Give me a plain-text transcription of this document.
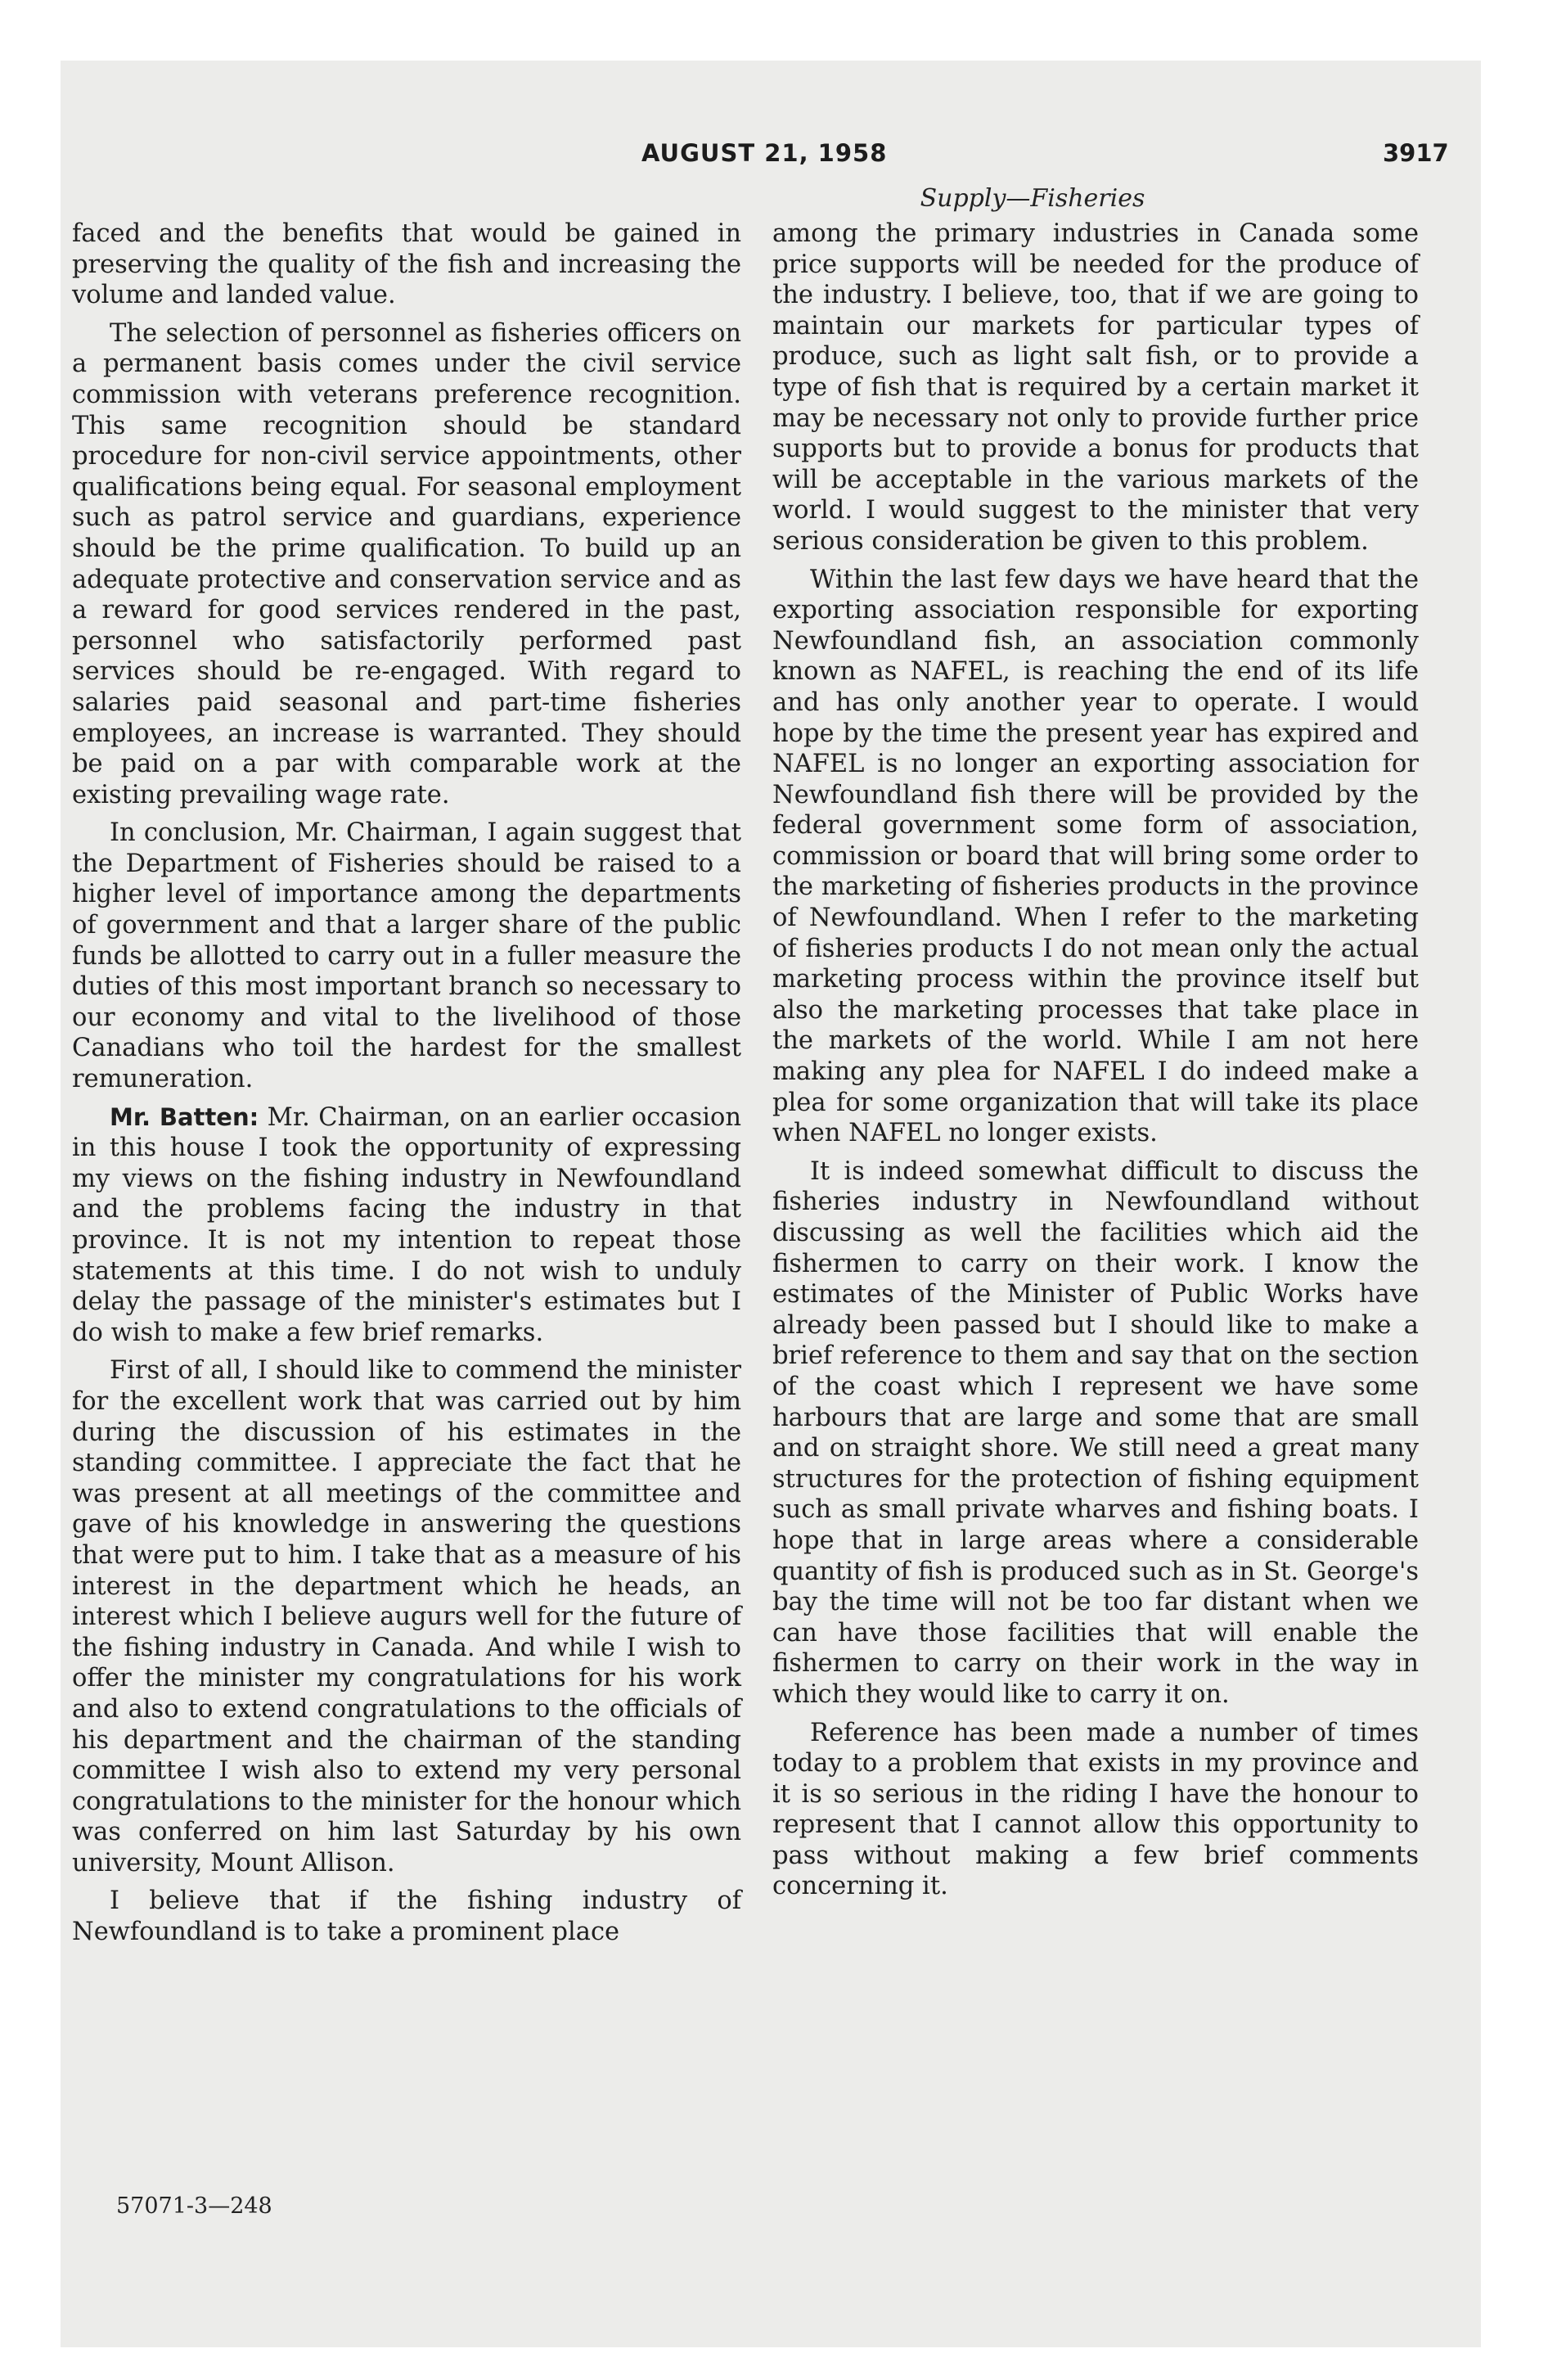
AUGUST 21, 1958	3917
Supply—Fisheries

faced and the benefits that would be gained in preserving the quality of the fish and increasing the volume and landed value.

The selection of personnel as fisheries officers on a permanent basis comes under the civil service commission with veterans preference recognition. This same recognition should be standard procedure for non-civil service appointments, other qualifications being equal. For seasonal employment such as patrol service and guardians, experience should be the prime qualification. To build up an adequate protective and conservation service and as a reward for good services rendered in the past, personnel who satisfactorily performed past services should be re-engaged. With regard to salaries paid seasonal and part-time fisheries employees, an increase is warranted. They should be paid on a par with comparable work at the existing prevailing wage rate.

In conclusion, Mr. Chairman, I again suggest that the Department of Fisheries should be raised to a higher level of importance among the departments of government and that a larger share of the public funds be allotted to carry out in a fuller measure the duties of this most important branch so necessary to our economy and vital to the livelihood of those Canadians who toil the hardest for the smallest remuneration.

Mr. Batten: Mr. Chairman, on an earlier occasion in this house I took the opportunity of expressing my views on the fishing industry in Newfoundland and the problems facing the industry in that province. It is not my intention to repeat those statements at this time. I do not wish to unduly delay the passage of the minister's estimates but I do wish to make a few brief remarks.

First of all, I should like to commend the minister for the excellent work that was carried out by him during the discussion of his estimates in the standing committee. I appreciate the fact that he was present at all meetings of the committee and gave of his knowledge in answering the questions that were put to him. I take that as a measure of his interest in the department which he heads, an interest which I believe augurs well for the future of the fishing industry in Canada. And while I wish to offer the minister my congratulations for his work and also to extend congratulations to the officials of his department and the chairman of the standing committee I wish also to extend my very personal congratulations to the minister for the honour which was conferred on him last Saturday by his own university, Mount Allison.

I believe that if the fishing industry of Newfoundland is to take a prominent place

among the primary industries in Canada some price supports will be needed for the produce of the industry. I believe, too, that if we are going to maintain our markets for particular types of produce, such as light salt fish, or to provide a type of fish that is required by a certain market it may be necessary not only to provide further price supports but to provide a bonus for products that will be acceptable in the various markets of the world. I would suggest to the minister that very serious consideration be given to this problem.

Within the last few days we have heard that the exporting association responsible for exporting Newfoundland fish, an association commonly known as NAFEL, is reaching the end of its life and has only another year to operate. I would hope by the time the present year has expired and NAFEL is no longer an exporting association for Newfoundland fish there will be provided by the federal government some form of association, commission or board that will bring some order to the marketing of fisheries products in the province of Newfoundland. When I refer to the marketing of fisheries products I do not mean only the actual marketing process within the province itself but also the marketing processes that take place in the markets of the world. While I am not here making any plea for NAFEL I do indeed make a plea for some organization that will take its place when NAFEL no longer exists.

It is indeed somewhat difficult to discuss the fisheries industry in Newfoundland without discussing as well the facilities which aid the fishermen to carry on their work. I know the estimates of the Minister of Public Works have already been passed but I should like to make a brief reference to them and say that on the section of the coast which I represent we have some harbours that are large and some that are small and on straight shore. We still need a great many structures for the protection of fishing equipment such as small private wharves and fishing boats. I hope that in large areas where a considerable quantity of fish is produced such as in St. George's bay the time will not be too far distant when we can have those facilities that will enable the fishermen to carry on their work in the way in which they would like to carry it on.

Reference has been made a number of times today to a problem that exists in my province and it is so serious in the riding I have the honour to represent that I cannot allow this opportunity to pass without making a few brief comments concerning it.

57071-3—248
